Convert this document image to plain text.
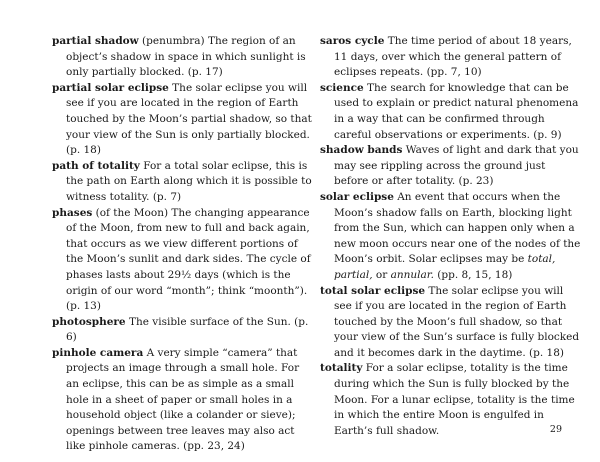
partial shadow (penumbra) The region of an object’s shadow in space in which sunlight is only partially blocked. (p. 17)

partial solar eclipse The solar eclipse you will see if you are located in the region of Earth touched by the Moon’s partial shadow, so that your view of the Sun is only partially blocked. (p. 18)

path of totality For a total solar eclipse, this is the path on Earth along which it is possible to witness totality. (p. 7)

phases (of the Moon) The changing appearance of the Moon, from new to full and back again, that occurs as we view different portions of the Moon’s sunlit and dark sides. The cycle of phases lasts about 29½ days (which is the origin of our word “month”; think “moonth”). (p. 13)

photosphere The visible surface of the Sun. (p. 6)

pinhole camera A very simple “camera” that projects an image through a small hole. For an eclipse, this can be as simple as a small hole in a sheet of paper or small holes in a household object (like a colander or sieve); openings between tree leaves may also act like pinhole cameras. (pp. 23, 24)

saros cycle The time period of about 18 years, 11 days, over which the general pattern of eclipses repeats. (pp. 7, 10)

science The search for knowledge that can be used to explain or predict natural phenomena in a way that can be confirmed through careful observations or experiments. (p. 9)

shadow bands Waves of light and dark that you may see rippling across the ground just before or after totality. (p. 23)

solar eclipse An event that occurs when the Moon’s shadow falls on Earth, blocking light from the Sun, which can happen only when a new moon occurs near one of the nodes of the Moon’s orbit. Solar eclipses may be total, partial, or annular. (pp. 8, 15, 18)

total solar eclipse The solar eclipse you will see if you are located in the region of Earth touched by the Moon’s full shadow, so that your view of the Sun’s surface is fully blocked and it becomes dark in the daytime. (p. 18)

totality For a solar eclipse, totality is the time during which the Sun is fully blocked by the Moon. For a lunar eclipse, totality is the time in which the entire Moon is engulfed in Earth’s full shadow.	29
